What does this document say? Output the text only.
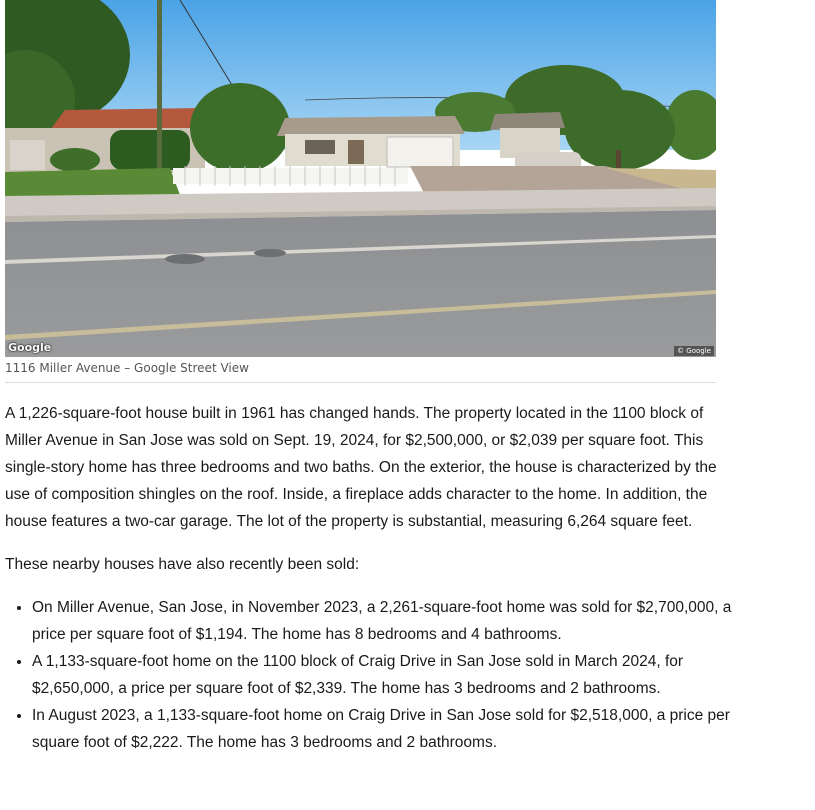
Google	© Google
1116 Miller Avenue – Google Street View

A 1,226-square-foot house built in 1961 has changed hands. The property located in the 1100 block of Miller Avenue in San Jose was sold on Sept. 19, 2024, for $2,500,000, or $2,039 per square foot. This single-story home has three bedrooms and two baths. On the exterior, the house is characterized by the use of composition shingles on the roof. Inside, a fireplace adds character to the home. In addition, the house features a two-car garage. The lot of the property is substantial, measuring 6,264 square feet.

These nearby houses have also recently been sold:

• On Miller Avenue, San Jose, in November 2023, a 2,261-square-foot home was sold for $2,700,000, a price per square foot of $1,194. The home has 8 bedrooms and 4 bathrooms.
• A 1,133-square-foot home on the 1100 block of Craig Drive in San Jose sold in March 2024, for $2,650,000, a price per square foot of $2,339. The home has 3 bedrooms and 2 bathrooms.
• In August 2023, a 1,133-square-foot home on Craig Drive in San Jose sold for $2,518,000, a price per square foot of $2,222. The home has 3 bedrooms and 2 bathrooms.
